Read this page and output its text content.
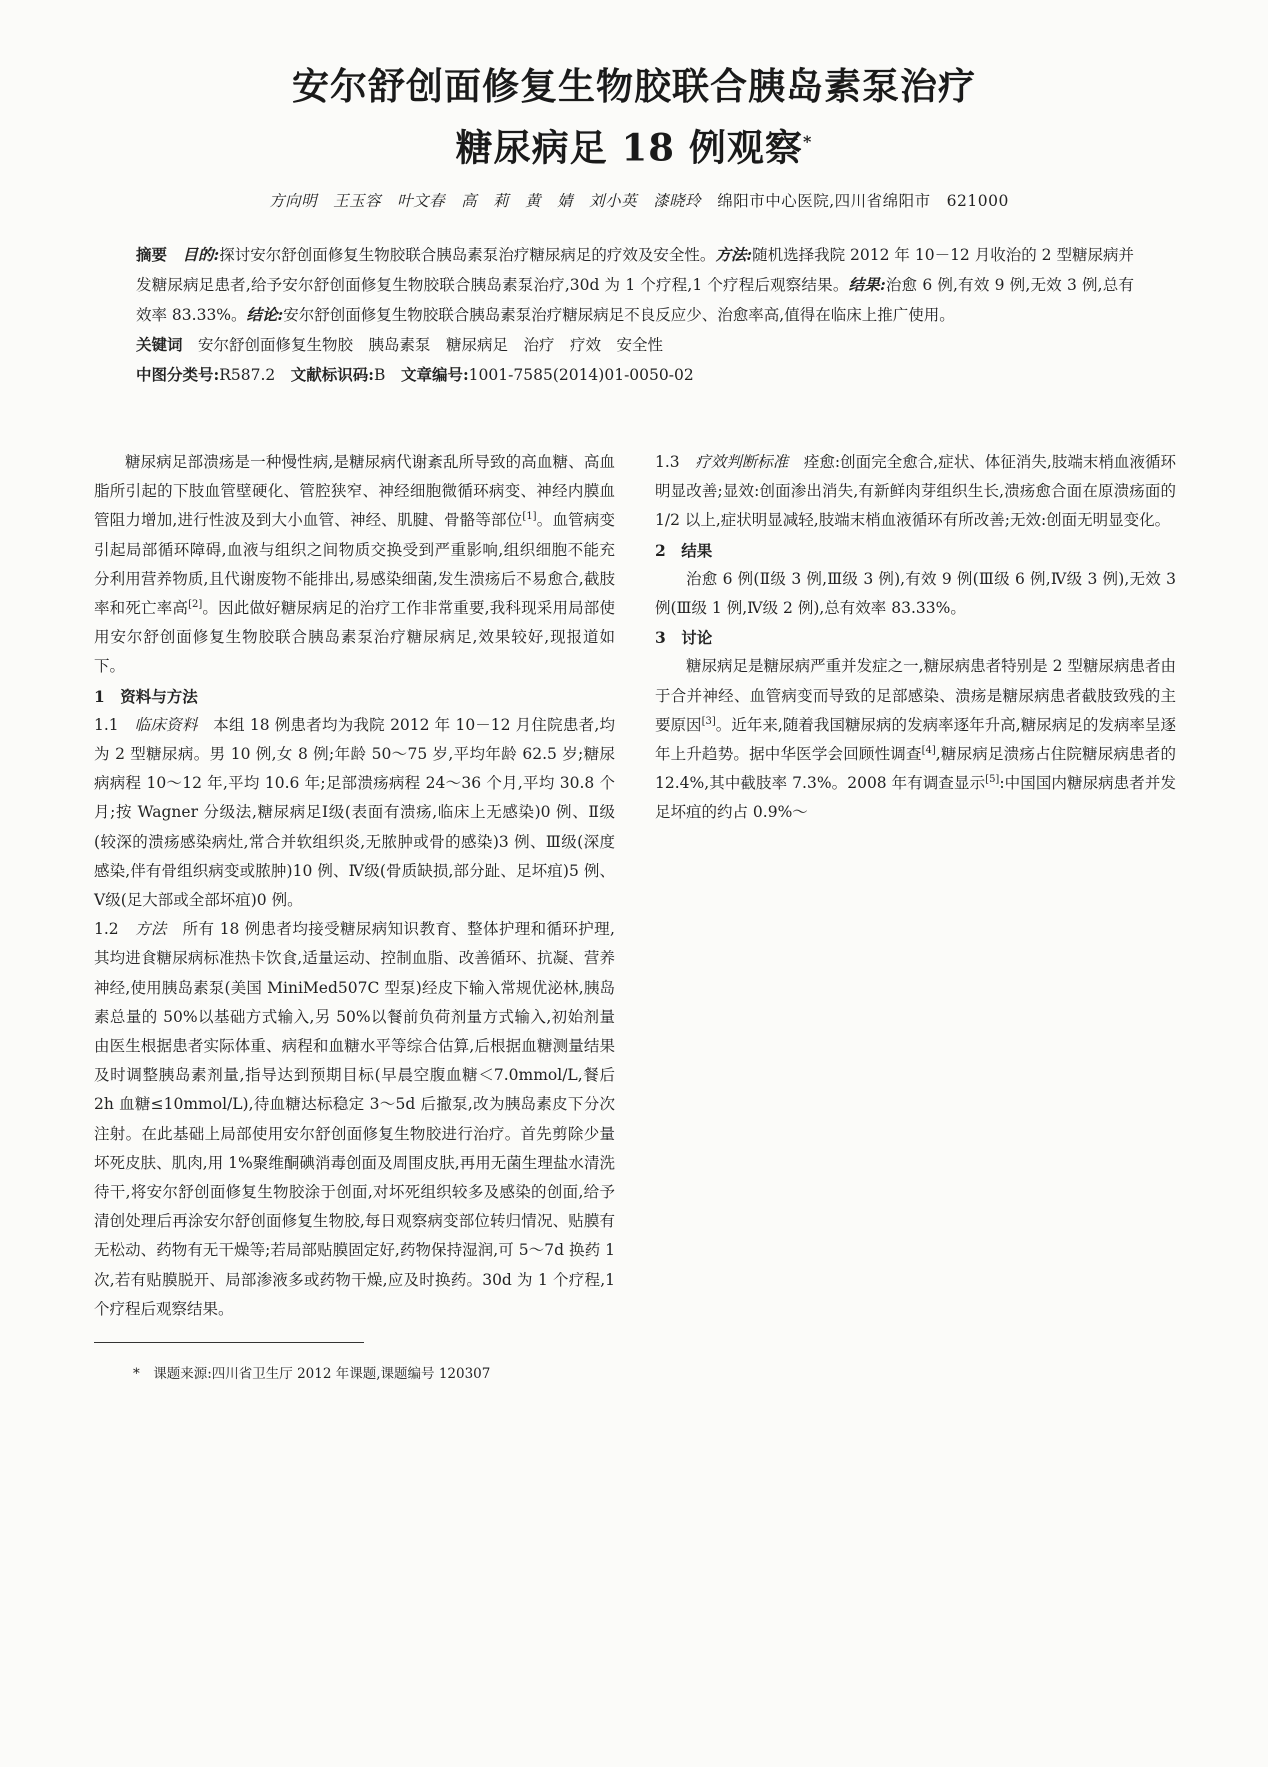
安尔舒创面修复生物胶联合胰岛素泵治疗
糖尿病足 18 例观察*
方向明　王玉容　叶文春　高　莉　黄　婧　刘小英　漆晓玲　 绵阳市中心医院,四川省绵阳市　621000

摘要　 目的:探讨安尔舒创面修复生物胶联合胰岛素泵治疗糖尿病足的疗效及安全性。方法:随机选择我院 2012 年 10－12 月收治的 2 型糖尿病并发糖尿病足患者,给予安尔舒创面修复生物胶联合胰岛素泵治疗,30d 为 1 个疗程,1 个疗程后观察结果。结果:治愈 6 例,有效 9 例,无效 3 例,总有效率 83.33%。结论:安尔舒创面修复生物胶联合胰岛素泵治疗糖尿病足不良反应少、治愈率高,值得在临床上推广使用。

关键词　 安尔舒创面修复生物胶　胰岛素泵　糖尿病足　治疗　疗效　安全性

中图分类号:R587.2　 文献标识码:B　 文章编号:1001-7585(2014)01-0050-02

糖尿病足部溃疡是一种慢性病,是糖尿病代谢紊乱所导致的高血糖、高血脂所引起的下肢血管壁硬化、管腔狭窄、神经细胞微循环病变、神经内膜血管阻力增加,进行性波及到大小血管、神经、肌腱、骨骼等部位[1]。血管病变引起局部循环障碍,血液与组织之间物质交换受到严重影响,组织细胞不能充分利用营养物质,且代谢废物不能排出,易感染细菌,发生溃疡后不易愈合,截肢率和死亡率高[2]。因此做好糖尿病足的治疗工作非常重要,我科现采用局部使用安尔舒创面修复生物胶联合胰岛素泵治疗糖尿病足,效果较好,现报道如下。

1　资料与方法

1.1　 临床资料　 本组 18 例患者均为我院 2012 年 10－12 月住院患者,均为 2 型糖尿病。男 10 例,女 8 例;年龄 50～75 岁,平均年龄 62.5 岁;糖尿病病程 10～12 年,平均 10.6 年;足部溃疡病程 24～36 个月,平均 30.8 个月;按 Wagner 分级法,糖尿病足Ⅰ级(表面有溃疡,临床上无感染)0 例、Ⅱ级(较深的溃疡感染病灶,常合并软组织炎,无脓肿或骨的感染)3 例、Ⅲ级(深度感染,伴有骨组织病变或脓肿)10 例、Ⅳ级(骨质缺损,部分趾、足坏疽)5 例、Ⅴ级(足大部或全部坏疽)0 例。

1.2　 方法　 所有 18 例患者均接受糖尿病知识教育、整体护理和循环护理,其均进食糖尿病标准热卡饮食,适量运动、控制血脂、改善循环、抗凝、营养神经,使用胰岛素泵(美国 MiniMed507C 型泵)经皮下输入常规优泌林,胰岛素总量的 50%以基础方式输入,另 50%以餐前负荷剂量方式输入,初始剂量由医生根据患者实际体重、病程和血糖水平等综合估算,后根据血糖测量结果及时调整胰岛素剂量,指导达到预期目标(早晨空腹血糖＜7.0mmol/L,餐后 2h 血糖≤10mmol/L),待血糖达标稳定 3～5d 后撤泵,改为胰岛素皮下分次注射。在此基础上局部使用安尔舒创面修复生物胶进行治疗。首先剪除少量坏死皮肤、肌肉,用 1%聚维酮碘消毒创面及周围皮肤,再用无菌生理盐水清洗待干,将安尔舒创面修复生物胶涂于创面,对坏死组织较多及感染的创面,给予清创处理后再涂安尔舒创面修复生物胶,每日观察病变部位转归情况、贴膜有无松动、药物有无干燥等;若局部贴膜固定好,药物保持湿润,可 5～7d 换药 1 次,若有贴膜脱开、局部渗液多或药物干燥,应及时换药。30d 为 1 个疗程,1 个疗程后观察结果。

1.3　 疗效判断标准　 痊愈:创面完全愈合,症状、体征消失,肢端末梢血液循环明显改善;显效:创面渗出消失,有新鲜肉芽组织生长,溃疡愈合面在原溃疡面的 1/2 以上,症状明显减轻,肢端末梢血液循环有所改善;无效:创面无明显变化。

2　结果

治愈 6 例(Ⅱ级 3 例,Ⅲ级 3 例),有效 9 例(Ⅲ级 6 例,Ⅳ级 3 例),无效 3 例(Ⅲ级 1 例,Ⅳ级 2 例),总有效率 83.33%。

3　讨论

糖尿病足是糖尿病严重并发症之一,糖尿病患者特别是 2 型糖尿病患者由于合并神经、血管病变而导致的足部感染、溃疡是糖尿病患者截肢致残的主要原因[3]。近年来,随着我国糖尿病的发病率逐年升高,糖尿病足的发病率呈逐年上升趋势。据中华医学会回顾性调查[4],糖尿病足溃疡占住院糖尿病患者的 12.4%,其中截肢率 7.3%。2008 年有调查显示[5]:中国国内糖尿病患者并发足坏疽的约占 0.9%～

*　课题来源:四川省卫生厅 2012 年课题,课题编号 120307
